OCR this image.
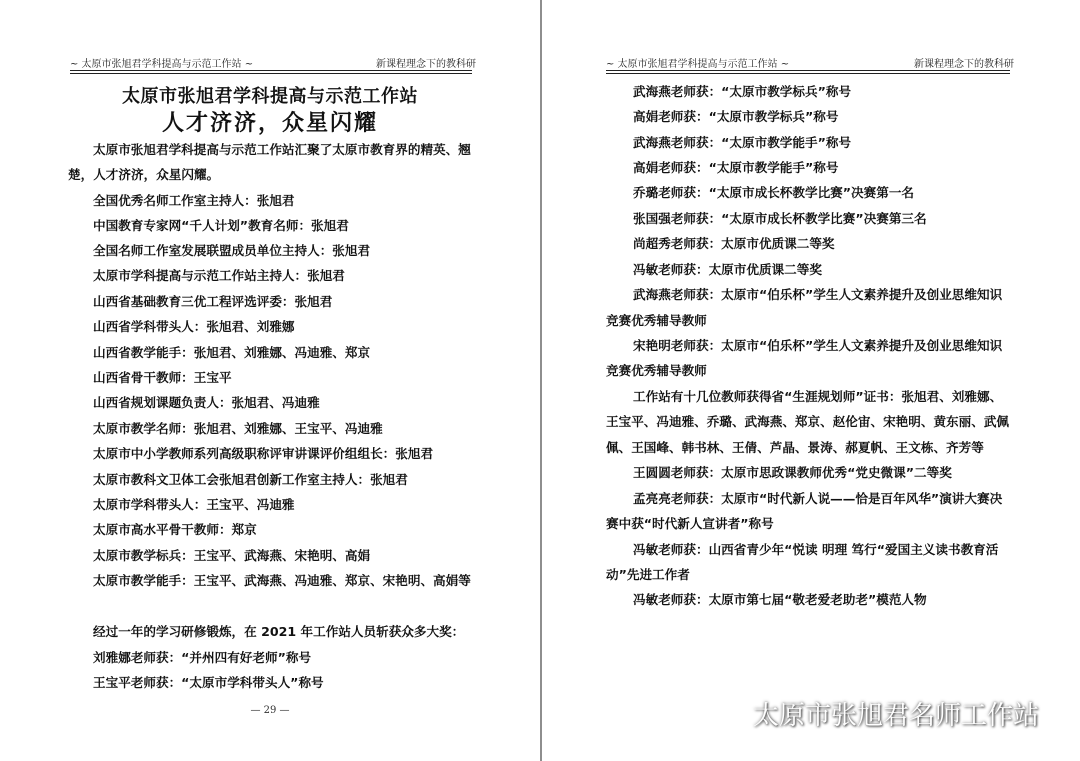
~ 太原市张旭君学科提高与示范工作站 ~	新课程理念下的教科研
太原市张旭君学科提高与示范工作站
人才济济，众星闪耀
太原市张旭君学科提高与示范工作站汇聚了太原市教育界的精英、翘
楚，人才济济，众星闪耀。
全国优秀名师工作室主持人：张旭君
中国教育专家网“千人计划”教育名师：张旭君
全国名师工作室发展联盟成员单位主持人：张旭君
太原市学科提高与示范工作站主持人：张旭君
山西省基础教育三优工程评选评委：张旭君
山西省学科带头人：张旭君、刘雅娜
山西省教学能手：张旭君、刘雅娜、冯迪雅、郑京
山西省骨干教师：王宝平
山西省规划课题负责人：张旭君、冯迪雅
太原市教学名师：张旭君、刘雅娜、王宝平、冯迪雅
太原市中小学教师系列高级职称评审讲课评价组组长：张旭君
太原市教科文卫体工会张旭君创新工作室主持人：张旭君
太原市学科带头人：王宝平、冯迪雅
太原市高水平骨干教师：郑京
太原市教学标兵：王宝平、武海燕、宋艳明、高娟
太原市教学能手：王宝平、武海燕、冯迪雅、郑京、宋艳明、高娟等
经过一年的学习研修锻炼，在 2021 年工作站人员斩获众多大奖：
刘雅娜老师获：“并州四有好老师”称号
王宝平老师获：“太原市学科带头人”称号
— 29 —
~ 太原市张旭君学科提高与示范工作站 ~	新课程理念下的教科研
武海燕老师获：“太原市教学标兵”称号
高娟老师获：“太原市教学标兵”称号
武海燕老师获：“太原市教学能手”称号
高娟老师获：“太原市教学能手”称号
乔璐老师获：“太原市成长杯教学比赛”决赛第一名
张国强老师获：“太原市成长杯教学比赛”决赛第三名
尚超秀老师获：太原市优质课二等奖
冯敏老师获：太原市优质课二等奖
武海燕老师获：太原市“伯乐杯”学生人文素养提升及创业思维知识
竞赛优秀辅导教师
宋艳明老师获：太原市“伯乐杯”学生人文素养提升及创业思维知识
竞赛优秀辅导教师
工作站有十几位教师获得省“生涯规划师”证书：张旭君、刘雅娜、
王宝平、冯迪雅、乔璐、武海燕、郑京、赵伦宙、宋艳明、黄东丽、武佩
佩、王国峰、韩书林、王倩、芦晶、景涛、郝夏帆、王文栋、齐芳等
王圆圆老师获：太原市思政课教师优秀“党史微课”二等奖
孟亮亮老师获：太原市“时代新人说——恰是百年风华”演讲大赛决
赛中获“时代新人宣讲者”称号
冯敏老师获：山西省青少年“悦读 明理 笃行“爱国主义读书教育活
动”先进工作者
冯敏老师获：太原市第七届“敬老爱老助老”模范人物
太原市张旭君名师工作站
